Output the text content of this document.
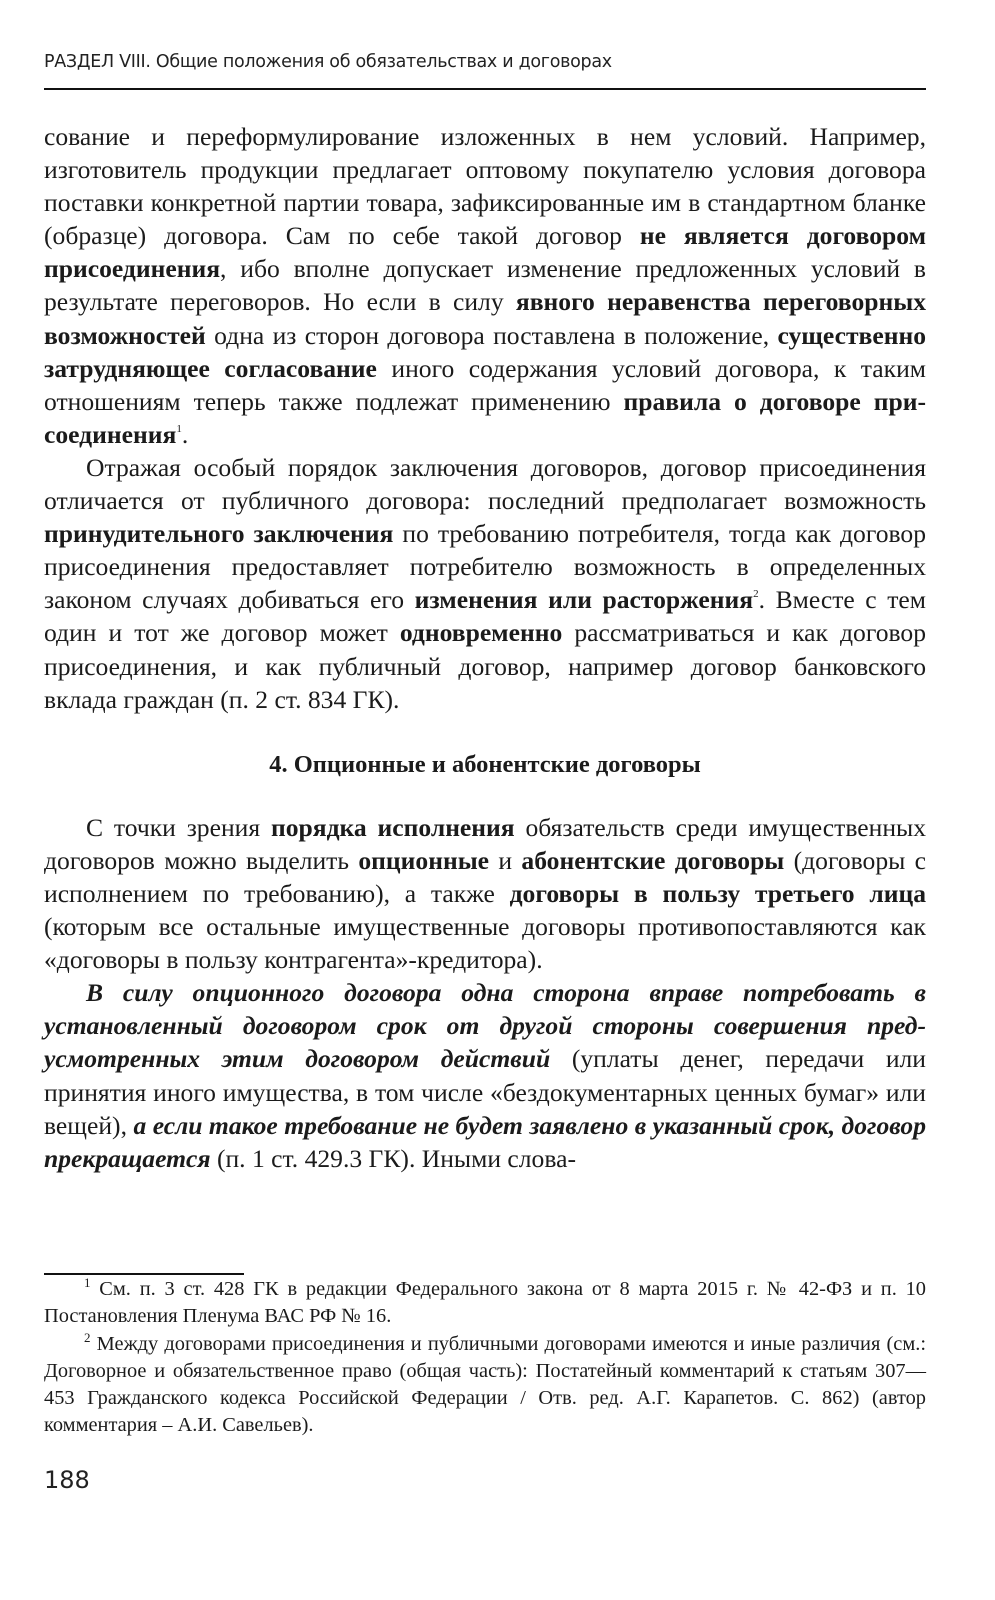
РАЗДЕЛ VIII. Общие положения об обязательствах и договорах

сование и переформулирование изложенных в нем условий. Например, изготовитель продукции предлагает оптовому покупателю условия договора поставки конкретной партии товара, зафиксированные им в стандартном бланке (образце) договора. Сам по себе такой договор не является договором присоединения, ибо вполне допускает изменение предложенных условий в результате переговоров. Но если в силу явного неравенства переговорных возможностей одна из сторон договора поставлена в положение, существенно затрудняющее согласование иного содержания условий договора, к таким отношениям теперь также подлежат применению правила о договоре присоединения$^1$.

Отражая особый порядок заключения договоров, договор присоединения отличается от публичного договора: последний предполагает возможность принудительного заключения по требованию потребителя, тогда как договор присоединения предоставляет потребителю возможность в определенных законом случаях добиваться его изменения или расторжения$^2$. Вместе с тем один и тот же договор может одновременно рассматриваться и как договор присоединения, и как публичный договор, например договор банковского вклада граждан (п. 2 ст. 834 ГК).

4. Опционные и абонентские договоры

С точки зрения порядка исполнения обязательств среди имущественных договоров можно выделить опционные и абонентские договоры (договоры с исполнением по требованию), а также договоры в пользу третьего лица (которым все остальные имущественные договоры противопоставляются как «договоры в пользу контрагента»-кредитора).

В силу опционного договора одна сторона вправе потребовать в установленный договором срок от другой стороны совершения предусмотренных этим договором действий (уплаты денег, передачи или принятия иного имущества, в том числе «бездокументарных ценных бумаг» или вещей), а если такое требование не будет заявлено в указанный срок, договор прекращается (п. 1 ст. 429.3 ГК). Иными слова-

$^1$ См. п. 3 ст. 428 ГК в редакции Федерального закона от 8 марта 2015 г. № 42-ФЗ и п. 10 Постановления Пленума ВАС РФ № 16.

$^2$ Между договорами присоединения и публичными договорами имеются и иные различия (см.: Договорное и обязательственное право (общая часть): Постатейный комментарий к статьям 307—453 Гражданского кодекса Российской Федерации / Отв. ред. А.Г. Карапетов. С. 862) (автор комментария – А.И. Савельев).

188
